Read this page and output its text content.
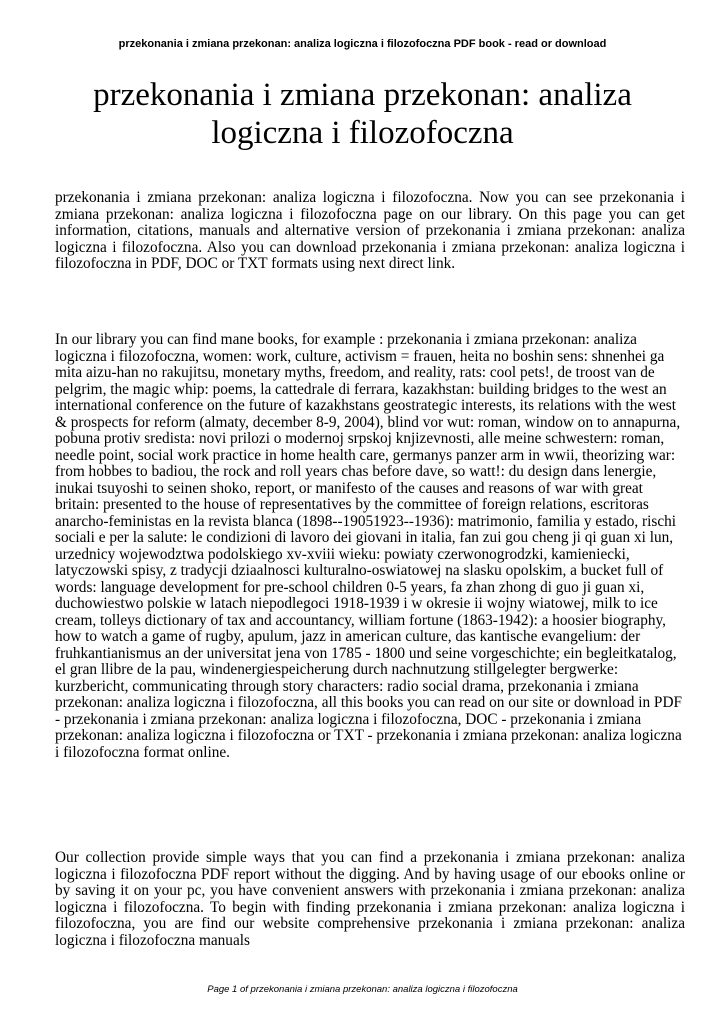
przekonania i zmiana przekonan: analiza logiczna i filozofoczna PDF book - read or download
przekonania i zmiana przekonan: analiza logiczna i filozofoczna

przekonania i zmiana przekonan: analiza logiczna i filozofoczna. Now you can see przekonania i zmiana przekonan: analiza logiczna i filozofoczna page on our library. On this page you can get information, citations, manuals and alternative version of przekonania i zmiana przekonan: analiza logiczna i filozofoczna. Also you can download przekonania i zmiana przekonan: analiza logiczna i filozofoczna in PDF, DOC or TXT formats using next direct link.

In our library you can find mane books, for example : przekonania i zmiana przekonan: analiza logiczna i filozofoczna, women: work, culture, activism = frauen, heita no boshin sens: shnenhei ga mita aizu-han no rakujitsu, monetary myths, freedom, and reality, rats: cool pets!, de troost van de pelgrim, the magic whip: poems, la cattedrale di ferrara, kazakhstan: building bridges to the west an international conference on the future of kazakhstans geostrategic interests, its relations with the west & prospects for reform (almaty, december 8-9, 2004), blind vor wut: roman, window on to annapurna, pobuna protiv sredista: novi prilozi o modernoj srpskoj knjizevnosti, alle meine schwestern: roman, needle point, social work practice in home health care, germanys panzer arm in wwii, theorizing war: from hobbes to badiou, the rock and roll years chas before dave, so watt!: du design dans lenergie, inukai tsuyoshi to seinen shoko, report, or manifesto of the causes and reasons of war with great britain: presented to the house of representatives by the committee of foreign relations, escritoras anarcho-feministas en la revista blanca (1898--19051923--1936): matrimonio, familia y estado, rischi sociali e per la salute: le condizioni di lavoro dei giovani in italia, fan zui gou cheng ji qi guan xi lun, urzednicy wojewodztwa podolskiego xv-xviii wieku: powiaty czerwonogrodzki, kamieniecki, latyczowski spisy, z tradycji dziaalnosci kulturalno-oswiatowej na slasku opolskim, a bucket full of words: language development for pre-school children 0-5 years, fa zhan zhong di guo ji guan xi, duchowiestwo polskie w latach niepodlegoci 1918-1939 i w okresie ii wojny wiatowej, milk to ice cream, tolleys dictionary of tax and accountancy, william fortune (1863-1942): a hoosier biography, how to watch a game of rugby, apulum, jazz in american culture, das kantische evangelium: der fruhkantianismus an der universitat jena von 1785 - 1800 und seine vorgeschichte; ein begleitkatalog, el gran llibre de la pau, windenergiespeicherung durch nachnutzung stillgelegter bergwerke: kurzbericht, communicating through story characters: radio social drama, przekonania i zmiana przekonan: analiza logiczna i filozofoczna, all this books you can read on our site or download in PDF - przekonania i zmiana przekonan: analiza logiczna i filozofoczna, DOC - przekonania i zmiana przekonan: analiza logiczna i filozofoczna or TXT - przekonania i zmiana przekonan: analiza logiczna i filozofoczna format online.

Our collection provide simple ways that you can find a przekonania i zmiana przekonan: analiza logiczna i filozofoczna PDF report without the digging. And by having usage of our ebooks online or by saving it on your pc, you have convenient answers with przekonania i zmiana przekonan: analiza logiczna i filozofoczna. To begin with finding przekonania i zmiana przekonan: analiza logiczna i filozofoczna, you are find our website comprehensive przekonania i zmiana przekonan: analiza logiczna i filozofoczna manuals

Page 1 of przekonania i zmiana przekonan: analiza logiczna i filozofoczna
